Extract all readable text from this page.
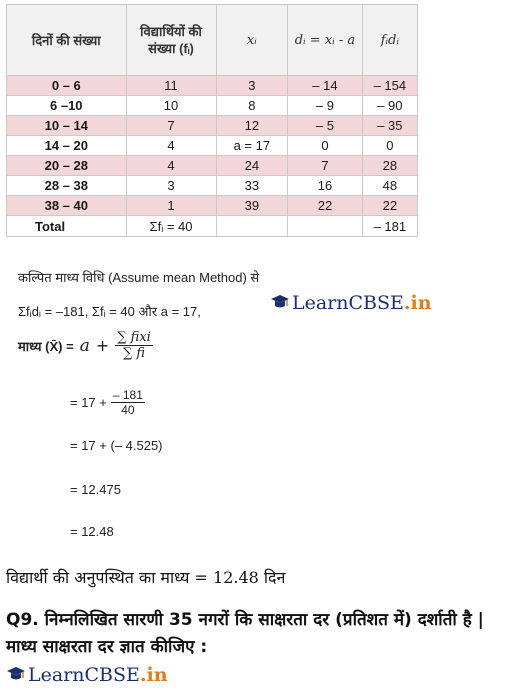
दिनों की संख्या	विद्यार्थियों की संख्या (fᵢ)	xᵢ	dᵢ = xᵢ - a	fᵢdᵢ
0 – 6	11	3	– 14	– 154
6 –10	10	8	– 9	– 90
10 – 14	7	12	– 5	– 35
14 – 20	4	a = 17	0	0
20 – 28	4	24	7	28
28 – 38	3	33	16	48
38 – 40	1	39	22	22
Total	Σfᵢ = 40			– 181
कल्पित माध्य विधि (Assume mean Method) से
Σfᵢdᵢ = –181, Σfᵢ = 40 और a = 17,	LearnCBSE .in
माध्य (X̄) = $a + \frac{\text{∑ fixi}}{\sum fi}$
= $17 + \frac{- 181}{40}$
= 17 + (– 4.525)
= 12.475
= 12.48
विद्यार्थी की अनुपस्थित का माध्य = 12.48 दिन
Q9. निम्नलिखित सारणी 35 नगरों कि साक्षरता दर (प्रतिशत में) दर्शाती है | माध्य साक्षरता दर ज्ञात कीजिए :
LearnCBSE .in
